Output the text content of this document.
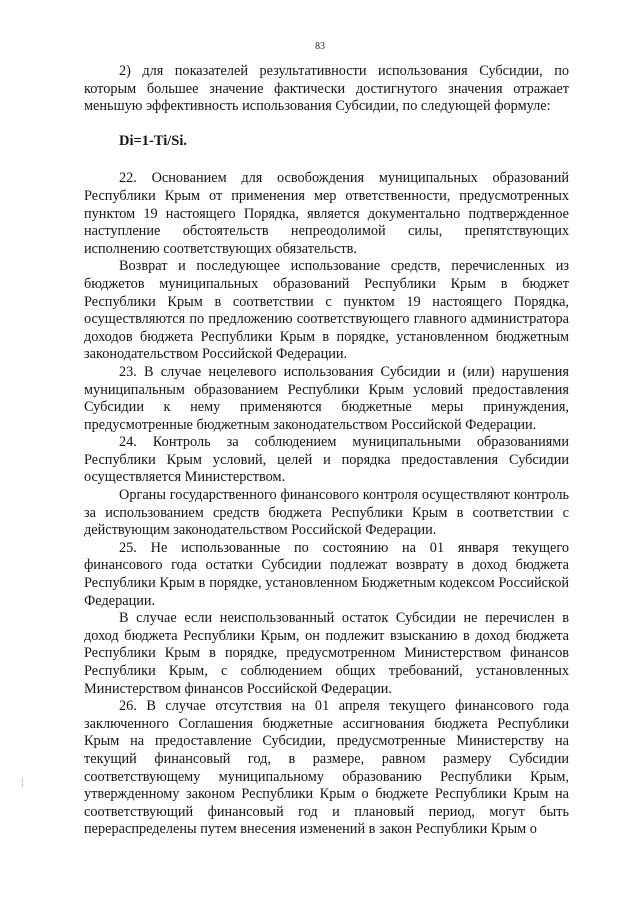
83

2) для показателей результативности использования Субсидии, по которым большее значение фактически достигнутого значения отражает меньшую эффективность использования Субсидии, по следующей формуле:

Di=1-Ti/Si.

22. Основанием для освобождения муниципальных образований Республики Крым от применения мер ответственности, предусмотренных пунктом 19 настоящего Порядка, является документально подтвержденное наступление обстоятельств непреодолимой силы, препятствующих исполнению соответствующих обязательств.

Возврат и последующее использование средств, перечисленных из бюджетов муниципальных образований Республики Крым в бюджет Республики Крым в соответствии с пунктом 19 настоящего Порядка, осуществляются по предложению соответствующего главного администратора доходов бюджета Республики Крым в порядке, установленном бюджетным законодательством Российской Федерации.

23. В случае нецелевого использования Субсидии и (или) нарушения муниципальным образованием Республики Крым условий предоставления Субсидии к нему применяются бюджетные меры принуждения, предусмотренные бюджетным законодательством Российской Федерации.

24. Контроль за соблюдением муниципальными образованиями Республики Крым условий, целей и порядка предоставления Субсидии осуществляется Министерством.

Органы государственного финансового контроля осуществляют контроль за использованием средств бюджета Республики Крым в соответствии с действующим законодательством Российской Федерации.

25. Не использованные по состоянию на 01 января текущего финансового года остатки Субсидии подлежат возврату в доход бюджета Республики Крым в порядке, установленном Бюджетным кодексом Российской Федерации.

В случае если неиспользованный остаток Субсидии не перечислен в доход бюджета Республики Крым, он подлежит взысканию в доход бюджета Республики Крым в порядке, предусмотренном Министерством финансов Республики Крым, с соблюдением общих требований, установленных Министерством финансов Российской Федерации.

26. В случае отсутствия на 01 апреля текущего финансового года заключенного Соглашения бюджетные ассигнования бюджета Республики Крым на предоставление Субсидии, предусмотренные Министерству на текущий финансовый год, в размере, равном размеру Субсидии соответствующему муниципальному образованию Республики Крым, утвержденному законом Республики Крым о бюджете Республики Крым на соответствующий финансовый год и плановый период, могут быть перераспределены путем внесения изменений в закон Республики Крым о
